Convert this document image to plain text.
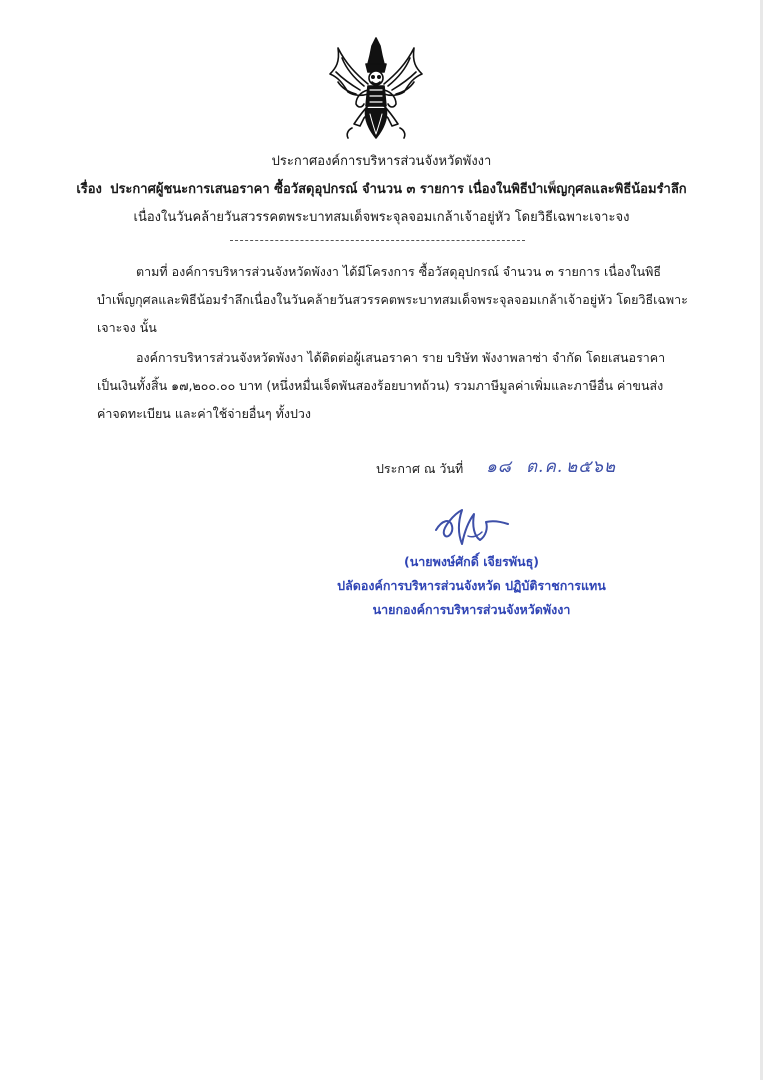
ประกาศองค์การบริหารส่วนจังหวัดพังงา
เรื่อง ประกาศผู้ชนะการเสนอราคา ซื้อวัสดุอุปกรณ์ จำนวน ๓ รายการ เนื่องในพิธีบำเพ็ญกุศลและพิธีน้อมรำลึก
เนื่องในวันคล้ายวันสวรรคตพระบาทสมเด็จพระจุลจอมเกล้าเจ้าอยู่หัว โดยวิธีเฉพาะเจาะจง
ตามที่ องค์การบริหารส่วนจังหวัดพังงา ได้มีโครงการ ซื้อวัสดุอุปกรณ์ จำนวน ๓ รายการ เนื่องในพิธี
บำเพ็ญกุศลและพิธีน้อมรำลึกเนื่องในวันคล้ายวันสวรรคตพระบาทสมเด็จพระจุลจอมเกล้าเจ้าอยู่หัว โดยวิธีเฉพาะ
เจาะจง นั้น
องค์การบริหารส่วนจังหวัดพังงา ได้ติดต่อผู้เสนอราคา ราย บริษัท พังงาพลาซ่า จำกัด โดยเสนอราคา
เป็นเงินทั้งสิ้น ๑๗,๒๐๐.๐๐ บาท (หนึ่งหมื่นเจ็ดพันสองร้อยบาทถ้วน) รวมภาษีมูลค่าเพิ่มและภาษีอื่น ค่าขนส่ง
ค่าจดทะเบียน และค่าใช้จ่ายอื่นๆ ทั้งปวง
ประกาศ ณ วันที่ ๑๘ ต.ค. ๒๕๖๒
(นายพงษ์ศักดิ์ เจียรพันธุ)
ปลัดองค์การบริหารส่วนจังหวัด ปฏิบัติราชการแทน
นายกองค์การบริหารส่วนจังหวัดพังงา
